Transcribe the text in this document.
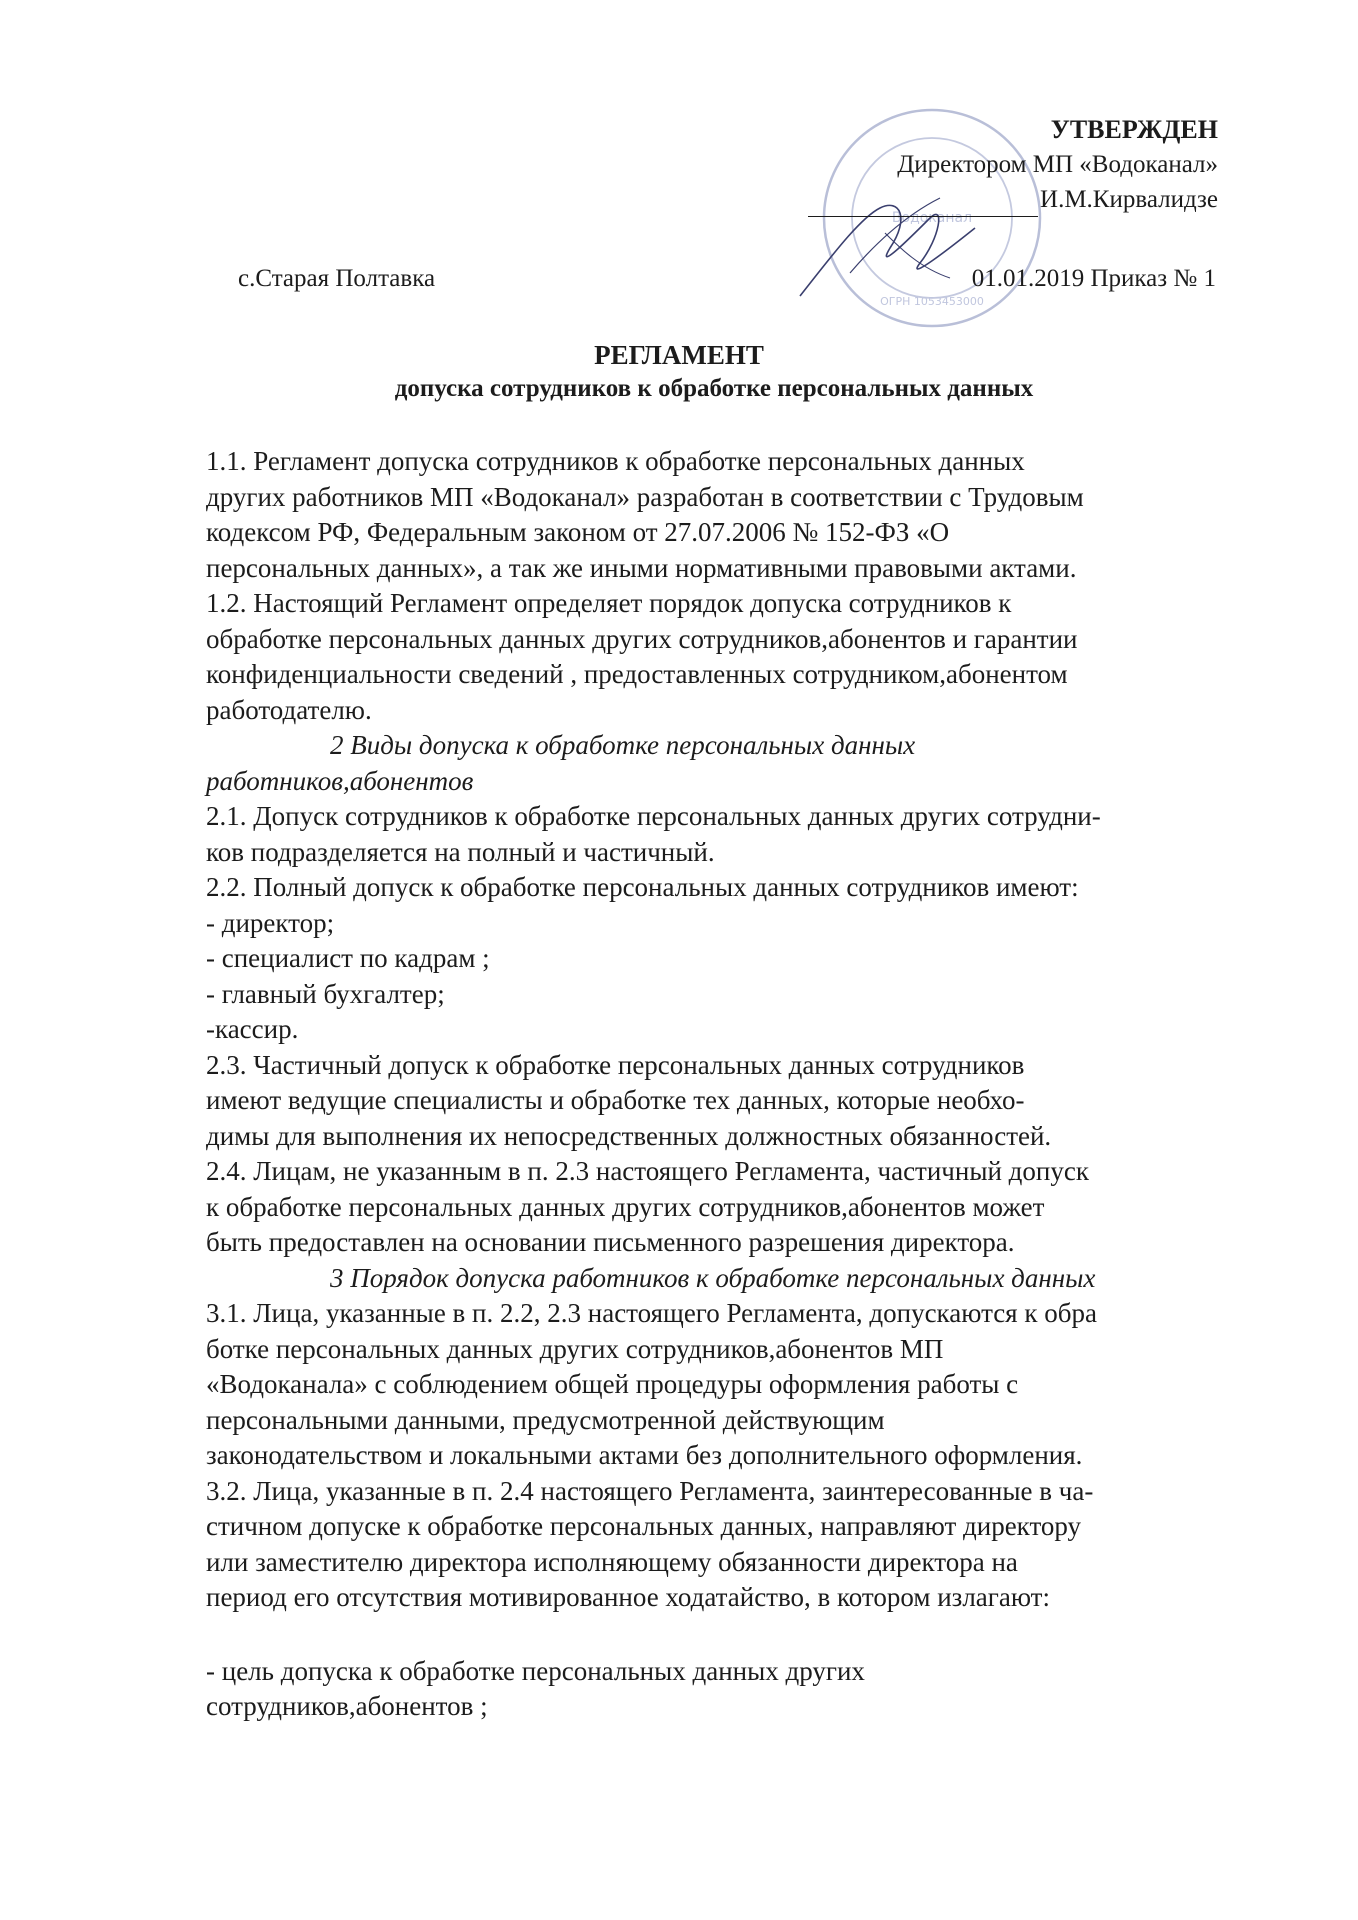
Водоканал
ОГРН 1053453000
УТВЕРЖДЕН
Директором МП «Водоканал»
И.М.Кирвалидзе
с.Старая Полтавка	01.01.2019 Приказ № 1
РЕГЛАМЕНТ
допуска сотрудников к обработке персональных данных
1.1. Регламент допуска сотрудников к обработке персональных данных
других работников МП «Водоканал» разработан в соответствии с Трудовым
кодексом РФ, Федеральным законом от 27.07.2006 № 152-ФЗ «О
персональных данных», а так же иными нормативными правовыми актами.
1.2. Настоящий Регламент определяет порядок допуска сотрудников к
обработке персональных данных других сотрудников,абонентов и гарантии
конфиденциальности сведений , предоставленных сотрудником,абонентом
работодателю.
2 Виды допуска к обработке персональных данных
работников,абонентов
2.1. Допуск сотрудников к обработке персональных данных других сотрудни-
ков подразделяется на полный и частичный.
2.2. Полный допуск к обработке персональных данных сотрудников имеют:
- директор;
- специалист по кадрам ;
- главный бухгалтер;
-кассир.
2.3. Частичный допуск к обработке персональных данных сотрудников
имеют ведущие специалисты и обработке тех данных, которые необхо-
димы для выполнения их непосредственных должностных обязанностей.
2.4. Лицам, не указанным в п. 2.3 настоящего Регламента, частичный допуск
к обработке персональных данных других сотрудников,абонентов может
быть предоставлен на основании письменного разрешения директора.
3 Порядок допуска работников к обработке персональных данных
3.1. Лица, указанные в п. 2.2, 2.3 настоящего Регламента, допускаются к обра
ботке персональных данных других сотрудников,абонентов МП
«Водоканала» с соблюдением общей процедуры оформления работы с
персональными данными, предусмотренной действующим
законодательством и локальными актами без дополнительного оформления.
3.2. Лица, указанные в п. 2.4 настоящего Регламента, заинтересованные в ча-
стичном допуске к обработке персональных данных, направляют директору
или заместителю директора исполняющему обязанности директора на
период его отсутствия мотивированное ходатайство, в котором излагают:
- цель допуска к обработке персональных данных других
сотрудников,абонентов ;
